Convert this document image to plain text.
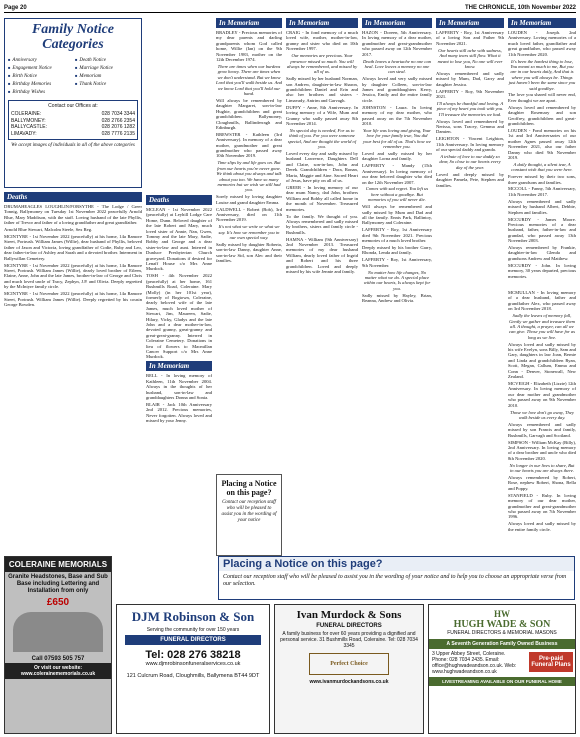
Page 20	THE CHRONICLE, 10th November 2022
Family Notice Categories
■ Anniversary
■ Engagement Notice
■ Birth Notice
■ Birthday Memories
■ Birthday Wishes
■ Death Notice
■ Marriage Notice
■ Memoriam
■ Thank Notice
Contact our Offices at:
COLERAINE:	028 7034 3344
BALLYMONEY:	028 2766 2354
BALLYCASTLE:	028 2076 1282
LIMAVADY:	028 7776 2135
We accept images of individuals in all of the above categories
Deaths

DRUMAHEAGLES LOUGHLIN/FORSYTHE - The Lodge / Greer Tonnig, Ballymoney on Tuesday 1st November 2022 peacefully Arnold Blue, Mary Maddison, with the staff. Loving husband of the late Phyllis, father of Trevor and father of a loving grandfather and great grandfather.

Arnold Blue Stewart, Malcolm Steele, Sex Reg.

MCINTYRE - 1st November 2022 (peacefully) at his home, 14a Ramore Street, Portrush. William James (Willie), dear husband of Phyllis, beloved father of Jason and Victoria, loving grandfather of Codie, Ruby and Leo, dear father-in-law of Ashley and Sarah and a devoted brother. Interment in Ballywillan Cemetery.

MCINTYRE - 1st November 2022 (peacefully) at his home, 14a Ramore Street, Portrush. William James (Willie), dearly loved brother of Eileen, Elaine, Anne, John and the late James, brother-in-law of George and Chris and much loved uncle of Tracy, Zephyn, J.P. and Olivia. Deeply regretted by the McIntyre family circle.

MCINTYRE - 1st November 2022 (peacefully) at his home, 14a Ramore Street, Portrush. William James (Willie). Deeply regretted by his cousin George Bowden.

Deaths

MCLEAN - 1st November 2022 (peacefully) at Leyhill Lodge Care Home, Dunn. Beloved daughter of the late Robert and Mary, much loved sister of Annie, Nan, Gwen, Tommy and the late Mary, Sadie, Bobby and George and a dear sister-in-law and aunt. Interred in Dunluce Presbyterian Church graveyard. Donations if desired for Lenaff House c/o Mrs Anne Murdock.

TOSH - 4th November 2022 (peacefully) at her home, 161 Bushmills Road, Coleraine. Mary (Molly) (in her 101st year), formerly of Bogtown, Coleraine, dearly beloved wife of the late James, much loved mother of Stewart, Jim, Maureen, Sadie, Hilary, Vicky, Gladys and the late John and a dear mother-in-law, devoted granny, great-granny and great-great-granny. Interred in Coleraine Cemetery. Donations in lieu of flowers to Macmillan Cancer Support c/o Mrs Anne Murdock.

In Memoriam

BELL - In loving memory of Kathleen, 11th November 2004. Always in the thoughts of her husband, son-in-law and granddaughters Donna and Sonia.

BLAIR - Jack 10th Anniversary 2nd 2012. Precious memories, Never forgotten. Always loved and missed by your Jenny.

In Memoriam

BRADLEY - Precious memories of my dear parents and darling grandparents whom God called home, Willie (Ian) on the 9th November 1983, mother on the 12th December 1974.

There are times when our burdens grow heavy. There are times when we don't understand. But we know Lord that you'll walk beside us. And we know Lord that you'll hold our hand.

Will always be remembered by daughter Margaret, son-in-law Hughie, grandchildren and great grandchildren. Ballymoney, Cloughmills, Ballinderragh and Edinburgh.

BREWSTER - Kathleen (3rd Anniversary). In memory of a dear mother, grandmother and great grandmother who passed away 10th November 2019.

Time slips by and life goes on. But from our hearts you're never gone. We think about you always and talk about you too. We have so many memories but we wish we still had you.

Sorely missed by loving daughter Louise and grand daughter Emma.

CALDWELL - Robert (Bob), 3rd Anniversary, died on 11th November 2019.

It's not what we write or what we say. It's how we remember you in our own special way.

Sadly missed by daughter Roberta, son-in-law Danny, daughter Anne, son-in-law Sid, son Alec and their families.

In Memoriam

CRAIG - In fond memory of a much loved wife, mother, mother-in-law, granny and sister who died on 10th November 1997.

Our memories are precious. Your presence missed so much. You will always be remembered, and missed by all of us.

Sadly missed by her husband Norman, son Andrew, daughter-in-law Sharon, grandchildren Daniel and Erin and also her brothers and sisters - Limavady, Antrim and Garvagh.

DUFFY - Anne, 8th Anniversary. In loving memory of a Wife, Mum and Granny who sadly passed away 8th November 2014.

No special day is needed, For us to think of you. For you were someone special, And are thought the world of you.

Loved every day and sadly missed by husband Lawrence, Daughters Dell and Claire, son-in-law, John and Derek. Grandchildren - Dora, Ronan, Maria, Maggie and Aine. Sacred Heart of Jesus, have pity on all of us.

GREER - In loving memory of our dear mum Nancy, dad John, brothers William and Bobby all called home in the month of November. Treasured memories.

To the family. We thought of you. Always remembered and sadly missed by brothers, sisters and family circle - Bushmills.

HAMNA - William (9th Anniversary) 2nd November 2013. Treasured memories of my dear husband William, dearly loved father of Ingrid and Robert and his three grandchildren. Loved and deeply missed by his wife Jennie and family.

Placing a Notice on this page?
Contact our reception staff who will be pleased to assist you in the wording of your notice
In Memoriam

HAZON - Doreen, 5th Anniversary. In loving memory of a dear mother, grandmother and great-grandmother who passed away on 12th November 2017.

Death leaves a heartache no one can heal. Love leaves a memory no one can steal.

Always loved and very sadly missed by daughter Colleen, son-in-law James and granddaughters Kerry, Jessica, Emily and the entire family circle.

JOHNSTON - Laura. In loving memory of my dear mother, who passed away on the 7th November 2010.

Your life was loving and giving, Your love for your family true, You did your best for all of us. That's how we remember you.

Loved and sadly missed by her daughter Lorna and family.

LAFFERTY - Mandy (15th Anniversary). In loving memory of our dear beloved daughter who died on the 12th November 2007.

Comes with sad regret. You left us here without a goodbye. But memories of you will never die.

Will always be remembered and sadly missed by Mum and Dad and all the family. Ennis Park, Ballintoy, Ballymoney and Coleraine.

LAFFERTY - Roy, 1st Anniversary died 9th November 2021. Precious memories of a much loved brother.

Deeply missed by his brother Garry, Rhonda, Lenda and family.

LAFFERTY - Roy, 1st Anniversary, 9th November.

No matter how life changes, No matter what we do. A special place within our hearts, Is always kept for you.

Sadly missed by Hayley, Brian, Reanna, Andrew and Olivia.

In Memoriam

LAFFERTY - Roy, 1st Anniversary of a loving Son and Father 9th November 2021.

Our hearts still ache with sadness, And many tears still flow. What it meant to lose you, No one will ever know.

Always remembered and sadly missed by Mum, Dad, Garry and daughter Jessica.

LAFFERTY - Roy, 9th November 2021.

I'll always be thankful and loving. A piece of my heart you took with you. I'll treasure the memories we had.

Always loved and remembered by Nerissa, sons Tracey, Gemma and Damien.

LEIGHTON - Vincent Leighton, 11th Anniversary. In loving memory of our special daddy and granda.

A tribute of love to our daddy so dear, So close to our hearts every day of the year.

Loved and deeply missed by daughter Pamela, Pete, Stephen and families.

In Memoriam

LOUDEN - Joseph. 2nd Anniversary. Loving memories of a much loved father, grandfather and great grandfather, who passed away 11th November 2020.

It's been the hardest thing to lose, You meant so much to me, But you are in our hearts daily, And that is where you will always be. Things just haven't been the same since you said goodbye.

The love you shared will never end, Ever thought we are apart.

Always loved and remembered by daughter Rosemary and son Geoffrey, grandchildren and great-grandchildren.

LOUDEN - Fond memories on his 1st and 3rd Anniversaries of our mother Agnes passed away 12th November 2021, also our father Danny who died 9th November 2019.

A daily thought, a silent tear, A constant wish that you were here.

Forever missed by their two sons, three grandsons and families.

MCCOLL - Fanny, 5th Anniversary, 11th November 2017.

Always remembered and sadly missed by husband Albert, Debbie, Stephen and families.

MCCURDY - James Moore. Precious memories of a dear husband, father, father-in-law and grandad, who passed away 13th November 2003.

Always remembered by Frankie, daughter-in-law Glenda and grandsons Andrew and Matthew.

MCCURDY - John. In loving memory, 30 years departed, precious memories.

MCMULLAN - In loving memory of a dear husband, father and grandfather Alex, who passed away on 3rd November 2018.

Sadly the leaves of memory fall, Gently we gather and treasure them all. A thought, a prayer, can all we can give. Those you will have for as long as we live.

Always loved and sadly missed by his wife Evelyn, sons Billy, Sam and Gary, daughters in law Joan, Bernie and Linda and grandchildren Ryan, Scott, Megan, Callum, Emma and Conn - Denver, Stonewall, New Zealand.

MCVEIGH - Elizabeth (Lizzie) 12th Anniversary. In loving memory of our dear mother and grandmother who passed away on 9th November 2010.

Those we love don't go away, They walk beside us every day.

Always remembered and sadly missed by son Francis and family, Bushmills, Garvagh and Scotland.

SIMPSON - William McKay (Billy), 2nd Anniversary. In loving memory of a dear brother and uncle who died 8th November 2020.

No longer in our lives to share, But in our hearts you are always there.

Always remembered by Robert, Rose, nephew Robert, Shona, Bella and Poppy.

STANFIELD - Ruby. In loving memory of our dear mother, grandmother and great-grandmother who passed away on 7th November 1996.

Always loved and sadly missed by the entire family circle.

Placing a Notice on this page?
Contact our reception staff who will be pleased to assist you in the wording of your notice and to help you to choose an appropriate verse from our selection.
COLERAINE MEMORIALS
Granite Headstones, Base and Sub Base including Lettering and Installation from only
£650
Call 07593 505 757
Or visit our website: www.colerainememorials.co.uk
DJM Robinson & Son
Serving the community for over 150 years
FUNERAL DIRECTORS
Tel: 028 276 38218
www.djmrobinsonfuneralservices.co.uk
121 Culcrum Road, Cloughmills, Ballymena BT44 9DT
Ivan Murdock & Sons
FUNERAL DIRECTORS
A family business for over 60 years providing a dignified and personal service. 31 Bushmills Road, Coleraine. Tel: 028 7034 3345
Perfect Choice
www.ivanmurdockandsons.co.uk
HW
HUGH WADE & SON
FUNERAL DIRECTORS & MEMORIAL MASONS
A Seventh Generation Family Owned Business
3 Upper Abbey Street, Coleraine. Phone: 028 7034 2435. Email: office@hughwadeandson.co.uk. Web: www.hughwadeandson.co.uk
Pre-paid Funeral Plans
LIVESTREAMING AVAILABLE ON OUR FUNERAL HOME
